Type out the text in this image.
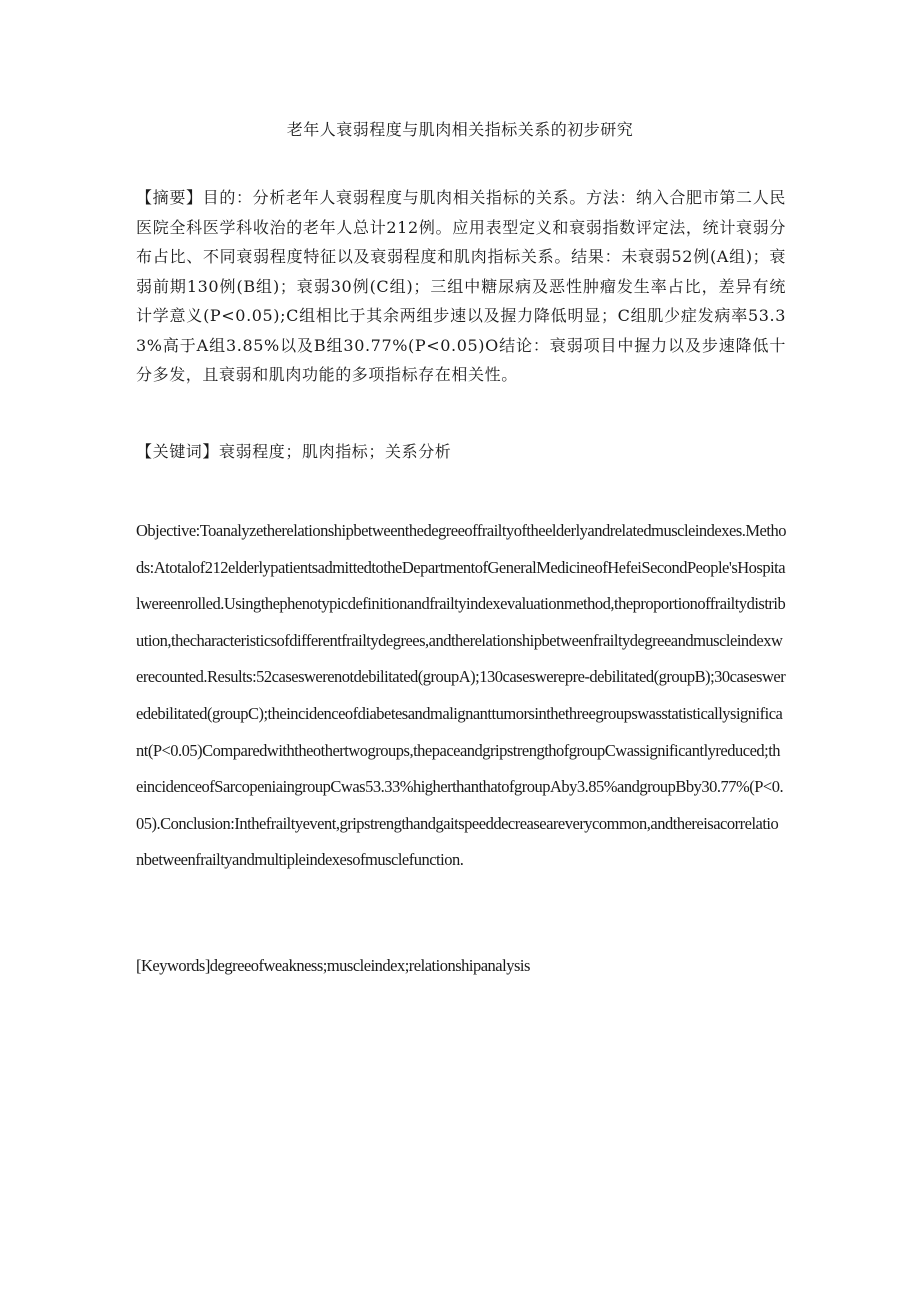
老年人衰弱程度与肌肉相关指标关系的初步研究

【摘要】目的：分析老年人衰弱程度与肌肉相关指标的关系。方法：纳入合肥市第二人民医院全科医学科收治的老年人总计212例。应用表型定义和衰弱指数评定法，统计衰弱分布占比、不同衰弱程度特征以及衰弱程度和肌肉指标关系。结果：未衰弱52例(A组)；衰弱前期130例(B组)；衰弱30例(C组)；三组中糖尿病及恶性肿瘤发生率占比，差异有统计学意义(P<0.05);C组相比于其余两组步速以及握力降低明显；C组肌少症发病率53.33%高于A组3.85%以及B组30.77%(P<0.05)O结论：衰弱项目中握力以及步速降低十分多发，且衰弱和肌肉功能的多项指标存在相关性。

【关键词】衰弱程度；肌肉指标；关系分析

Objective:Toanalyzetherelationshipbetweenthedegreeoffrailtyoftheelderlyandrelatedmuscleindexes.Methods:Atotalof212elderlypatientsadmittedtotheDepartmentofGeneralMedicineofHefeiSecondPeople'sHospitalwereenrolled.Usingthephenotypicdefinitionandfrailtyindexevaluationmethod,theproportionoffrailtydistribution,thecharacteristicsofdifferentfrailtydegrees,andtherelationshipbetweenfrailtydegreeandmuscleindexwerecounted.Results:52caseswerenotdebilitated(groupA);130caseswerepre-debilitated(groupB);30casesweredebilitated(groupC);theincidenceofdiabetesandmalignanttumorsinthethreegroupswasstatisticallysignificant(P<0.05)Comparedwiththeothertwogroups,thepaceandgripstrengthofgroupCwassignificantlyreduced;theincidenceofSarcopeniaingroupCwas53.33%higherthanthatofgroupAby3.85%andgroupBby30.77%(P<0.05).Conclusion:Inthefrailtyevent,gripstrengthandgaitspeeddecreaseareverycommon,andthereisacorrelationbetweenfrailtyandmultipleindexesofmusclefunction.

[Keywords]degreeofweakness;muscleindex;relationshipanalysis
